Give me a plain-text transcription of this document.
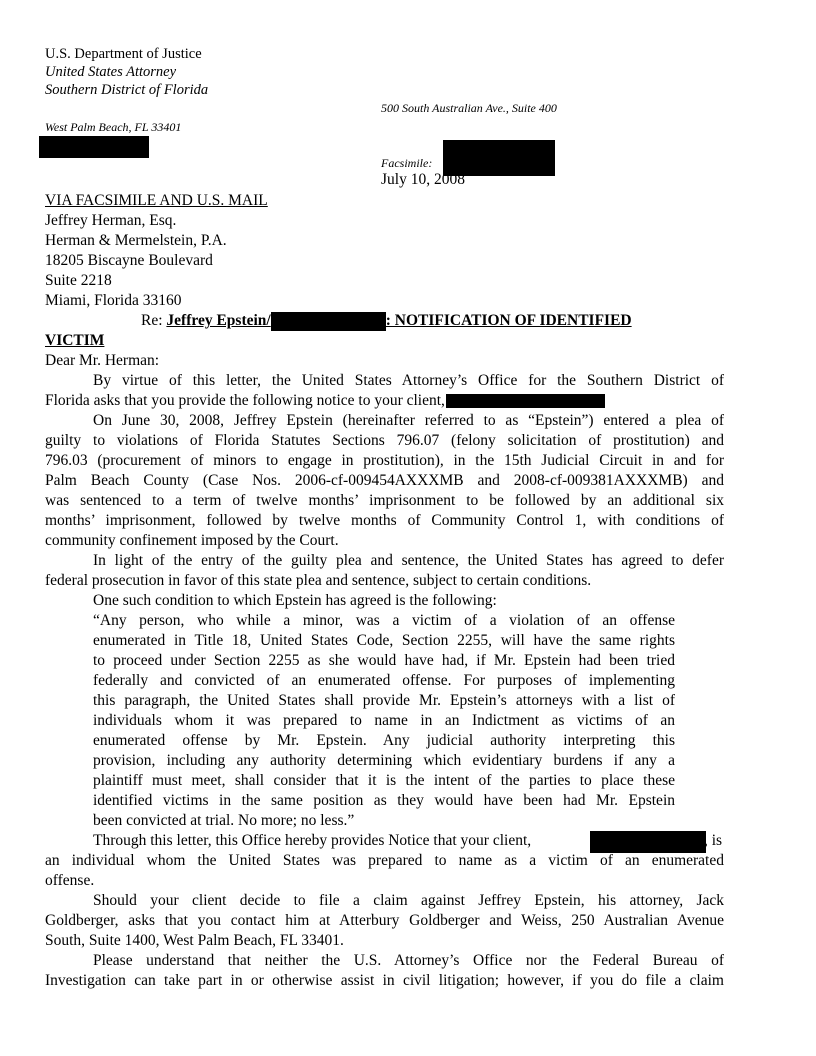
U.S. Department of Justice
United States Attorney
Southern District of Florida
500 South Australian Ave., Suite 400
West Palm Beach, FL 33401
Facsimile:
July 10, 2008
VIA FACSIMILE AND U.S. MAIL
Jeffrey Herman, Esq.
Herman & Mermelstein, P.A.
18205 Biscayne Boulevard
Suite 2218
Miami, Florida 33160
Re: Jeffrey Epstein/	: NOTIFICATION OF IDENTIFIED
VICTIM
Dear Mr. Herman:
By virtue of this letter, the United States Attorney’s Office for the Southern District of
Florida asks that you provide the following notice to your client,
On June 30, 2008, Jeffrey Epstein (hereinafter referred to as “Epstein”) entered a plea of
guilty to violations of Florida Statutes Sections 796.07 (felony solicitation of prostitution) and
796.03 (procurement of minors to engage in prostitution), in the 15th Judicial Circuit in and for
Palm Beach County (Case Nos. 2006-cf-009454AXXXMB and 2008-cf-009381AXXXMB) and
was sentenced to a term of twelve months’ imprisonment to be followed by an additional six
months’ imprisonment, followed by twelve months of Community Control 1, with conditions of
community confinement imposed by the Court.
In light of the entry of the guilty plea and sentence, the United States has agreed to defer
federal prosecution in favor of this state plea and sentence, subject to certain conditions.
One such condition to which Epstein has agreed is the following:
“Any person, who while a minor, was a victim of a violation of an offense
enumerated in Title 18, United States Code, Section 2255, will have the same rights
to proceed under Section 2255 as she would have had, if Mr. Epstein had been tried
federally and convicted of an enumerated offense. For purposes of implementing
this paragraph, the United States shall provide Mr. Epstein’s attorneys with a list of
individuals whom it was prepared to name in an Indictment as victims of an
enumerated offense by Mr. Epstein. Any judicial authority interpreting this
provision, including any authority determining which evidentiary burdens if any a
plaintiff must meet, shall consider that it is the intent of the parties to place these
identified victims in the same position as they would have been had Mr. Epstein
been convicted at trial. No more; no less.”
Through this letter, this Office hereby provides Notice that your client,	, is
an individual whom the United States was prepared to name as a victim of an enumerated
offense.
Should your client decide to file a claim against Jeffrey Epstein, his attorney, Jack
Goldberger, asks that you contact him at Atterbury Goldberger and Weiss, 250 Australian Avenue
South, Suite 1400, West Palm Beach, FL 33401.
Please understand that neither the U.S. Attorney’s Office nor the Federal Bureau of
Investigation can take part in or otherwise assist in civil litigation; however, if you do file a claim
